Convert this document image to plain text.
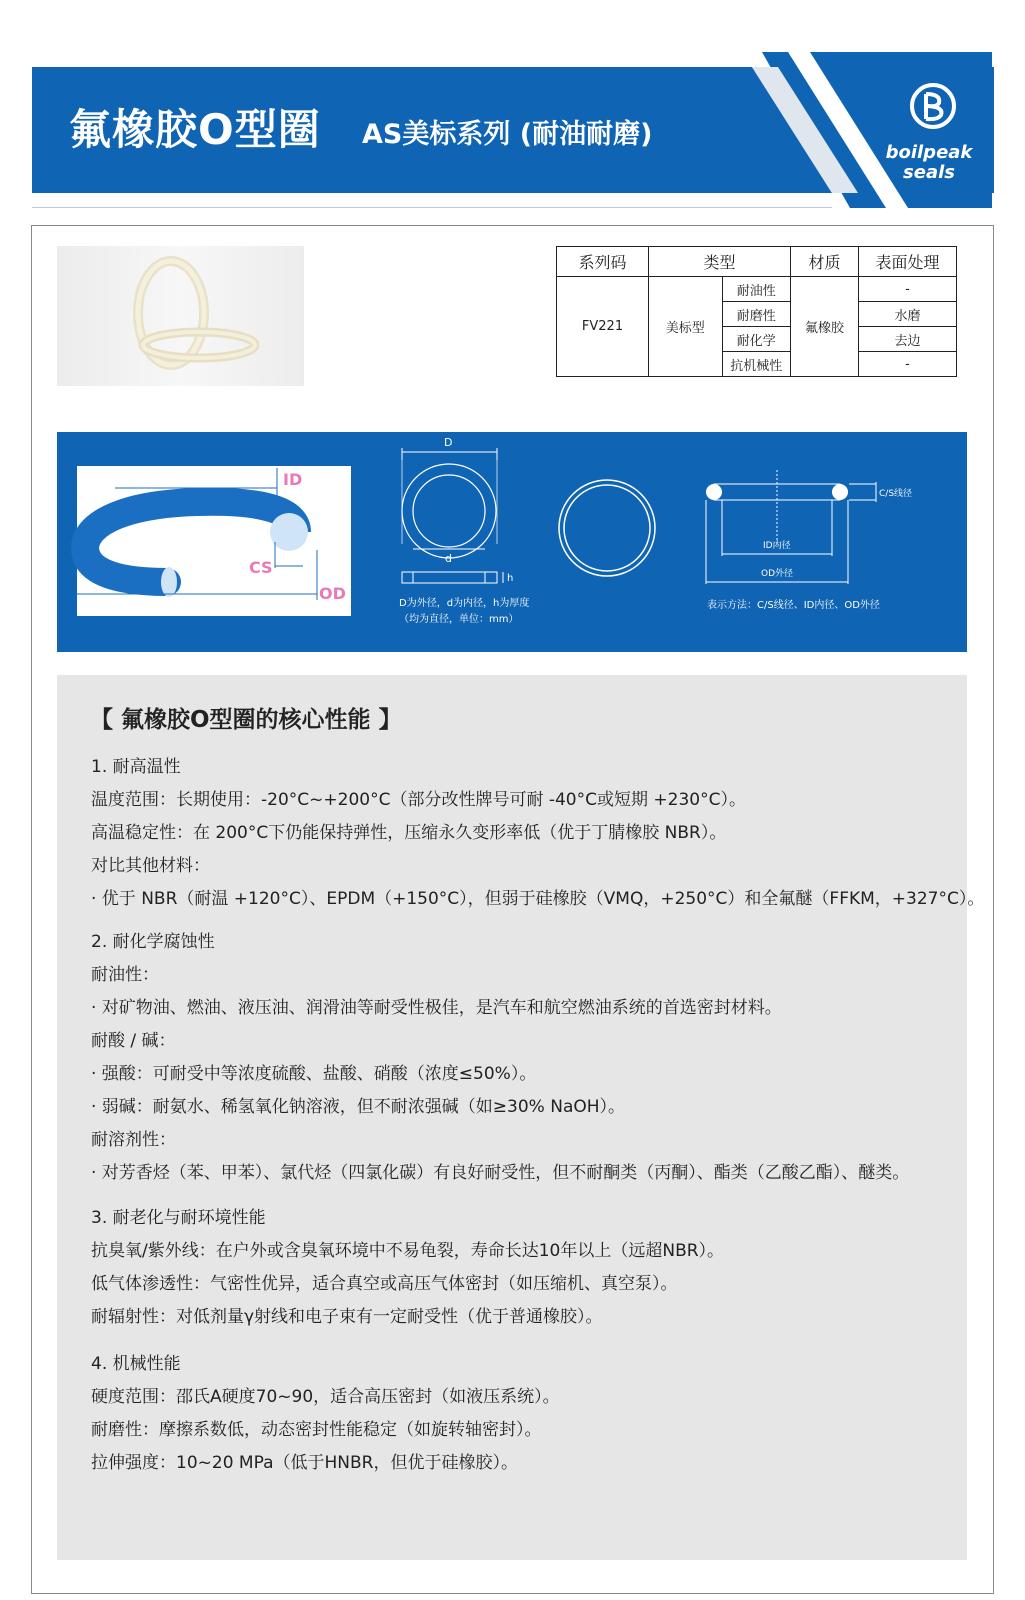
氟橡胶O型圈 AS美标系列 (耐油耐磨)
boilpeak
seals
系列码	类型		材质	表面处理
FV221	美标型	耐油性	氟橡胶	-
		耐磨性		水磨
		耐化学		去边
		抗机械性		-
ID
CS
OD
D
d
h
D为外径，d为内径，h为厚度
（均为直径，单位：mm）
C/S线径
ID内径
OD外径
表示方法：C/S线径、ID内径、OD外径
【 氟橡胶O型圈的核心性能 】
1. 耐高温性
温度范围：长期使用：-20°C~+200°C（部分改性牌号可耐 -40°C或短期 +230°C）。
高温稳定性：在 200°C下仍能保持弹性，压缩永久变形率低（优于丁腈橡胶 NBR）。
对比其他材料：
· 优于 NBR（耐温 +120°C）、EPDM（+150°C），但弱于硅橡胶（VMQ，+250°C）和全氟醚（FFKM，+327°C）。
2. 耐化学腐蚀性
耐油性：
· 对矿物油、燃油、液压油、润滑油等耐受性极佳，是汽车和航空燃油系统的首选密封材料。
耐酸 / 碱：
· 强酸：可耐受中等浓度硫酸、盐酸、硝酸（浓度≤50%）。
· 弱碱：耐氨水、稀氢氧化钠溶液，但不耐浓强碱（如≥30% NaOH）。
耐溶剂性：
· 对芳香烃（苯、甲苯）、氯代烃（四氯化碳）有良好耐受性，但不耐酮类（丙酮）、酯类（乙酸乙酯）、醚类。
3. 耐老化与耐环境性能
抗臭氧/紫外线：在户外或含臭氧环境中不易龟裂，寿命长达10年以上（远超NBR）。
低气体渗透性：气密性优异，适合真空或高压气体密封（如压缩机、真空泵）。
耐辐射性：对低剂量γ射线和电子束有一定耐受性（优于普通橡胶）。
4. 机械性能
硬度范围：邵氏A硬度70~90，适合高压密封（如液压系统）。
耐磨性：摩擦系数低，动态密封性能稳定（如旋转轴密封）。
拉伸强度：10~20 MPa（低于HNBR，但优于硅橡胶）。
